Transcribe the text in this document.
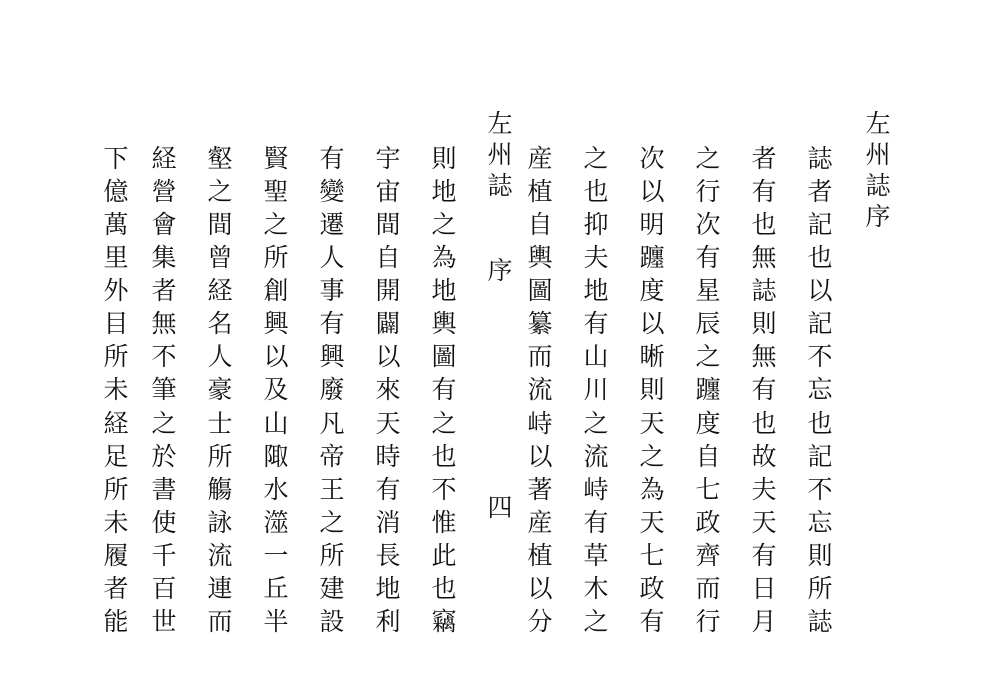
左
州
誌
序
誌
者
記
也
以
記
不
忘
也
記
不
忘
則
所
誌
者
有
也
無
誌
則
無
有
也
故
夫
天
有
日
月
之
行
次
有
星
辰
之
躔
度
自
七
政
齊
而
行
次
以
明
躔
度
以
晰
則
天
之
為
天
七
政
有
之
也
抑
夫
地
有
山
川
之
流
峙
有
草
木
之
産
植
自
輿
圖
纂
而
流
峙
以
著
産
植
以
分
則
地
之
為
地
輿
圖
有
之
也
不
惟
此
也
竊
宇
宙
間
自
開
闢
以
來
天
時
有
消
長
地
利
有
變
遷
人
事
有
興
廢
凡
帝
王
之
所
建
設
賢
聖
之
所
創
興
以
及
山
陬
水
澨
一
丘
半
壑
之
間
曾
経
名
人
豪
士
所
觴
詠
流
連
而
経
營
會
集
者
無
不
筆
之
於
書
使
千
百
世
下
億
萬
里
外
目
所
未
経
足
所
未
履
者
能
左
州
誌
序
四
